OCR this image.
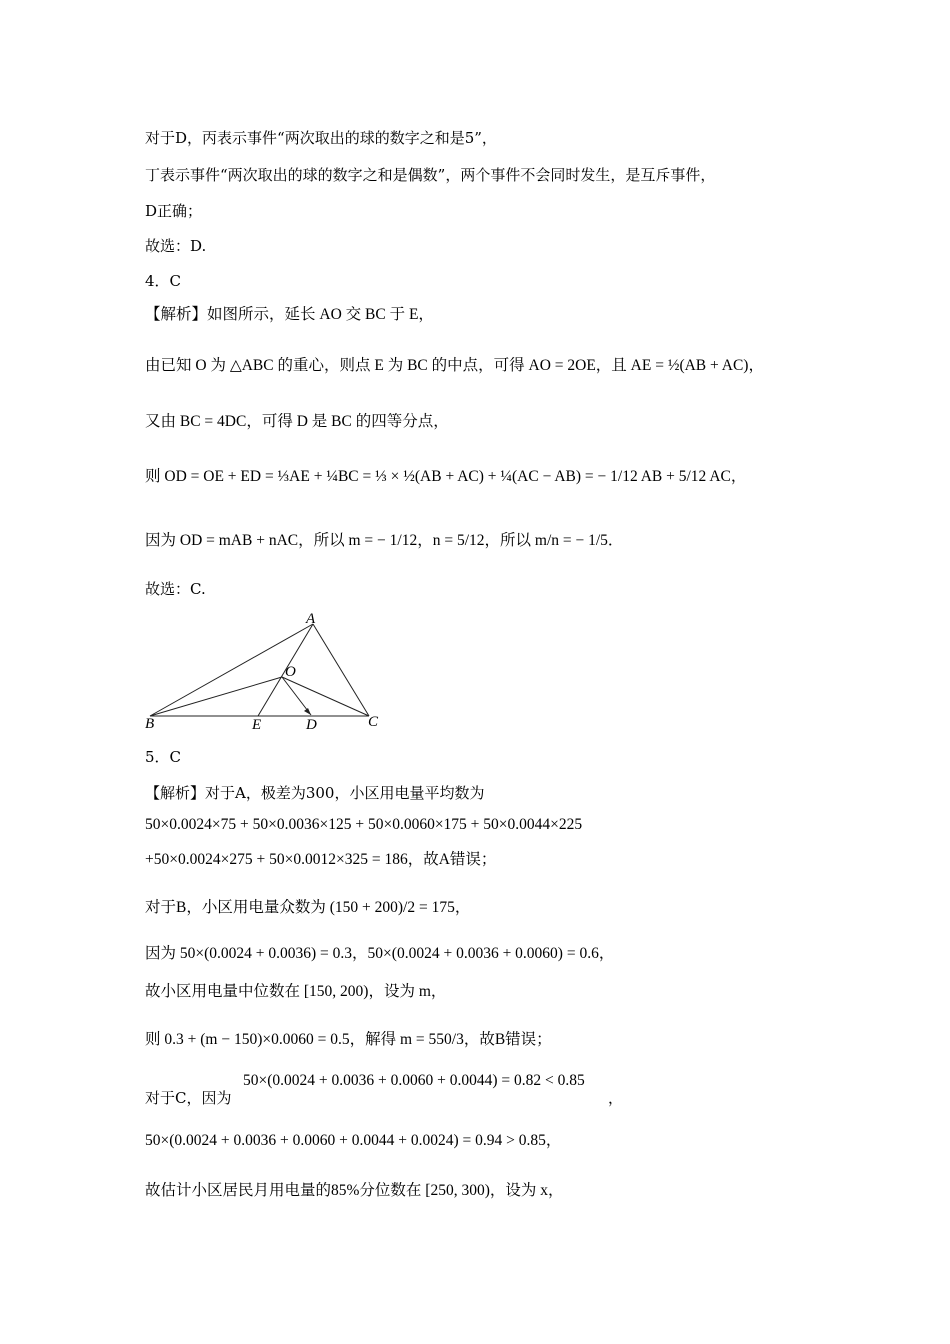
对于D，丙表示事件“两次取出的球的数字之和是5”，
丁表示事件“两次取出的球的数字之和是偶数”，两个事件不会同时发生，是互斥事件，
D正确；
故选：D.
4．C
【解析】如图所示，延长 AO 交 BC 于 E，
由已知 O 为 △ABC 的重心，则点 E 为 BC 的中点，可得 AO = 2OE，且 AE = ½(AB + AC)，
又由 BC = 4DC，可得 D 是 BC 的四等分点，
则 OD = OE + ED = ⅓AE + ¼BC = ⅓ × ½(AB + AC) + ¼(AC − AB) = − 1/12 AB + 5/12 AC，
因为 OD = mAB + nAC，所以 m = − 1/12，n = 5/12，所以 m/n = − 1/5．
故选：C.
A
B	C
D
E
O
5．C
【解析】对于A，极差为300，小区用电量平均数为
50×0.0024×75 + 50×0.0036×125 + 50×0.0060×175 + 50×0.0044×225
+50×0.0024×275 + 50×0.0012×325 = 186，故A错误；
对于B，小区用电量众数为 (150 + 200)/2 = 175，
因为 50×(0.0024 + 0.0036) = 0.3，50×(0.0024 + 0.0036 + 0.0060) = 0.6，
故小区用电量中位数在 [150, 200)，设为 m，
则 0.3 + (m − 150)×0.0060 = 0.5，解得 m = 550/3，故B错误；
50×(0.0024 + 0.0036 + 0.0060 + 0.0044) = 0.82 < 0.85
对于C，因为	，
50×(0.0024 + 0.0036 + 0.0060 + 0.0044 + 0.0024) = 0.94 > 0.85，
故估计小区居民月用电量的85%分位数在 [250, 300)，设为 x，
